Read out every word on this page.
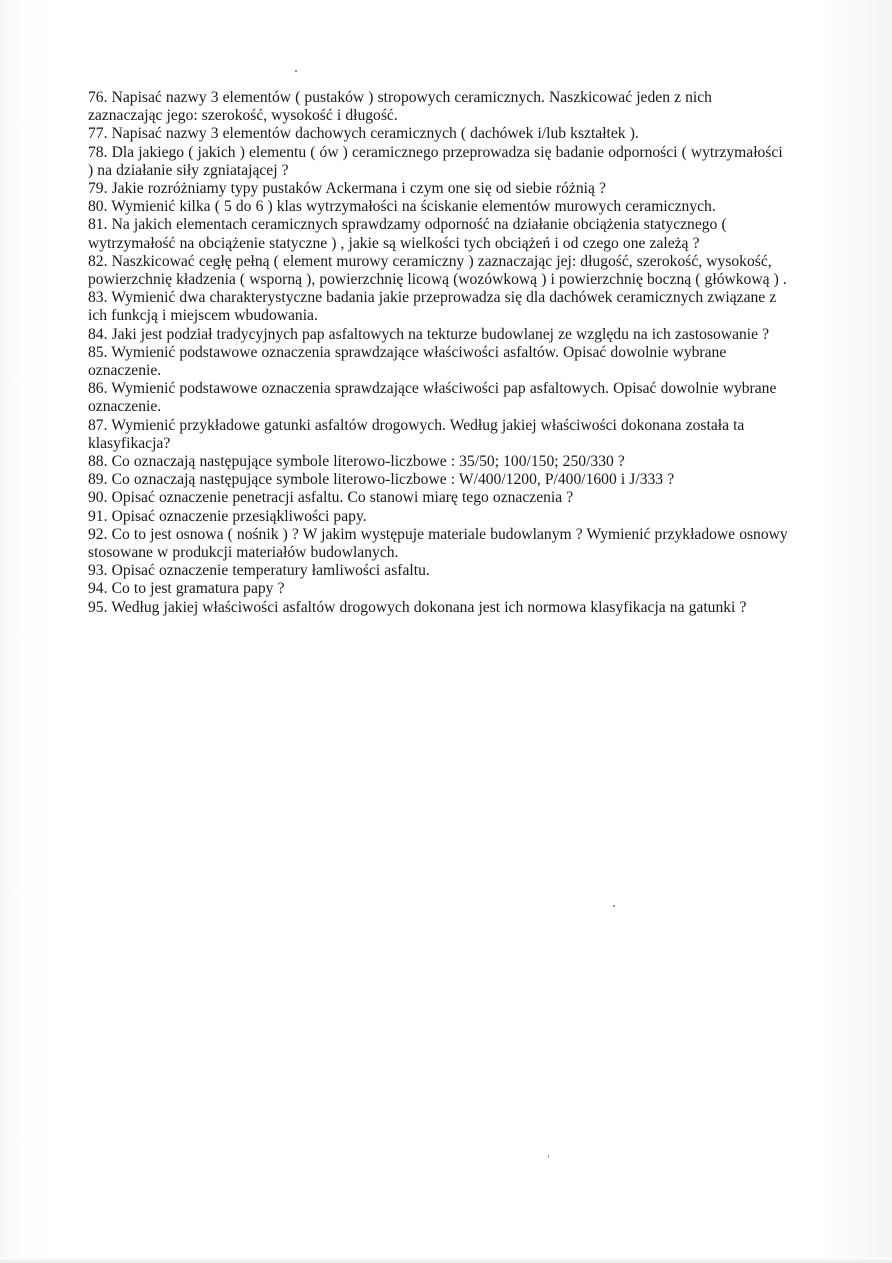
76. Napisać nazwy 3 elementów ( pustaków ) stropowych ceramicznych. Naszkicować jeden z nich zaznaczając jego: szerokość, wysokość i długość.

77. Napisać nazwy 3 elementów dachowych ceramicznych ( dachówek i/lub kształtek ).

78. Dla jakiego ( jakich ) elementu ( ów ) ceramicznego przeprowadza się badanie odporności ( wytrzymałości ) na działanie siły zgniatającej ?

79. Jakie rozróżniamy typy pustaków Ackermana i czym one się od siebie różnią ?

80. Wymienić kilka ( 5 do 6 ) klas wytrzymałości na ściskanie elementów murowych ceramicznych.

81. Na jakich elementach ceramicznych sprawdzamy odporność na działanie obciążenia statycznego ( wytrzymałość na obciążenie statyczne ) , jakie są wielkości tych obciążeń i od czego one zależą ?

82. Naszkicować cegłę pełną ( element murowy ceramiczny ) zaznaczając jej: długość, szerokość, wysokość, powierzchnię kładzenia ( wsporną ), powierzchnię licową (wozówkową ) i powierzchnię boczną ( główkową ) .

83. Wymienić dwa charakterystyczne badania jakie przeprowadza się dla dachówek ceramicznych związane z ich funkcją i miejscem wbudowania.

84. Jaki jest podział tradycyjnych pap asfaltowych na tekturze budowlanej ze względu na ich zastosowanie ?

85. Wymienić podstawowe oznaczenia sprawdzające właściwości asfaltów. Opisać dowolnie wybrane oznaczenie.

86. Wymienić podstawowe oznaczenia sprawdzające właściwości pap asfaltowych. Opisać dowolnie wybrane oznaczenie.

87. Wymienić przykładowe gatunki asfaltów drogowych. Według jakiej właściwości dokonana została ta klasyfikacja?

88. Co oznaczają następujące symbole literowo-liczbowe : 35/50; 100/150; 250/330 ?

89. Co oznaczają następujące symbole literowo-liczbowe : W/400/1200, P/400/1600 i J/333 ?

90. Opisać oznaczenie penetracji asfaltu. Co stanowi miarę tego oznaczenia ?

91. Opisać oznaczenie przesiąkliwości papy.

92. Co to jest osnowa ( nośnik ) ? W jakim występuje materiale budowlanym ? Wymienić przykładowe osnowy stosowane w produkcji materiałów budowlanych.

93. Opisać oznaczenie temperatury łamliwości asfaltu.

94. Co to jest gramatura papy ?

95. Według jakiej właściwości asfaltów drogowych dokonana jest ich normowa klasyfikacja na gatunki ?
